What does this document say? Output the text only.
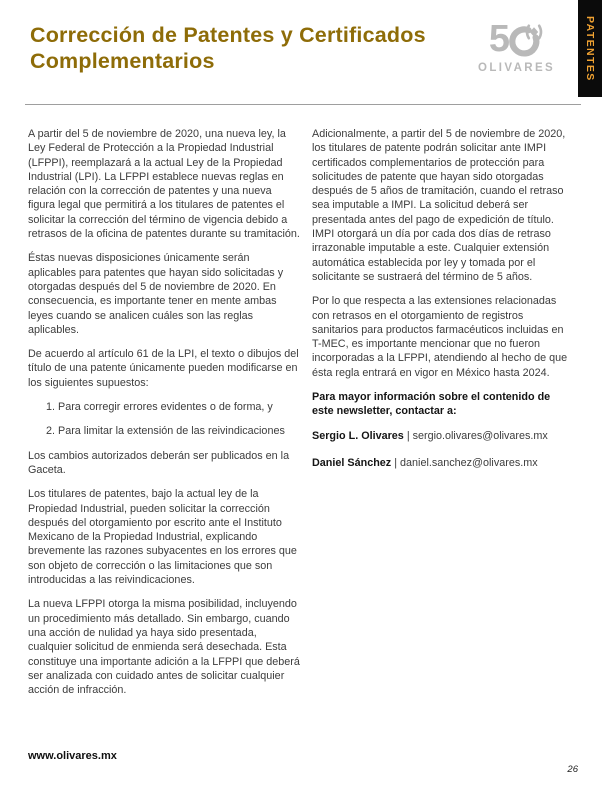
PATENTES
Corrección de Patentes y Certificados
Complementarios
5
OLIVARES

A partir del 5 de noviembre de 2020, una nueva ley, la Ley Federal de Protección a la Propiedad Industrial (LFPPI), reemplazará a la actual Ley de la Propiedad Industrial (LPI). La LFPPI establece nuevas reglas en relación con la corrección de patentes y una nueva figura legal que permitirá a los titulares de patentes el solicitar la corrección del término de vigencia debido a retrasos de la oficina de patentes durante su tramitación.

Éstas nuevas disposiciones únicamente serán aplicables para patentes que hayan sido solicitadas y otorgadas después del 5 de noviembre de 2020. En consecuencia, es importante tener en mente ambas leyes cuando se analicen cuáles son las reglas aplicables.

De acuerdo al artículo 61 de la LPI, el texto o dibujos del título de una patente únicamente pueden modificarse en los siguientes supuestos:

1. Para corregir errores evidentes o de forma, y
2. Para limitar la extensión de las reivindicaciones

Los cambios autorizados deberán ser publicados en la Gaceta.

Los titulares de patentes, bajo la actual ley de la Propiedad Industrial, pueden solicitar la corrección después del otorgamiento por escrito ante el Instituto Mexicano de la Propiedad Industrial, explicando brevemente las razones subyacentes en los errores que son objeto de corrección o las limitaciones que son introducidas a las reivindicaciones.

La nueva LFPPI otorga la misma posibilidad, incluyendo un procedimiento más detallado. Sin embargo, cuando una acción de nulidad ya haya sido presentada, cualquier solicitud de enmienda será desechada. Esta constituye una importante adición a la LFPPI que deberá ser analizada con cuidado antes de solicitar cualquier acción de infracción.

Adicionalmente, a partir del 5 de noviembre de 2020, los titulares de patente podrán solicitar ante IMPI certificados complementarios de protección para solicitudes de patente que hayan sido otorgadas después de 5 años de tramitación, cuando el retraso sea imputable a IMPI. La solicitud deberá ser presentada antes del pago de expedición de título. IMPI otorgará un día por cada dos días de retraso irrazonable imputable a este. Cualquier extensión automática establecida por ley y tomada por el solicitante se sustraerá del término de 5 años.

Por lo que respecta a las extensiones relacionadas con retrasos en el otorgamiento de registros sanitarios para productos farmacéuticos incluidas en T-MEC, es importante mencionar que no fueron incorporadas a la LFPPI, atendiendo al hecho de que ésta regla entrará en vigor en México hasta 2024.

Para mayor información sobre el contenido de este newsletter, contactar a:

Sergio L. Olivares | sergio.olivares@olivares.mx
Daniel Sánchez | daniel.sanchez@olivares.mx
www.olivares.mx
26
